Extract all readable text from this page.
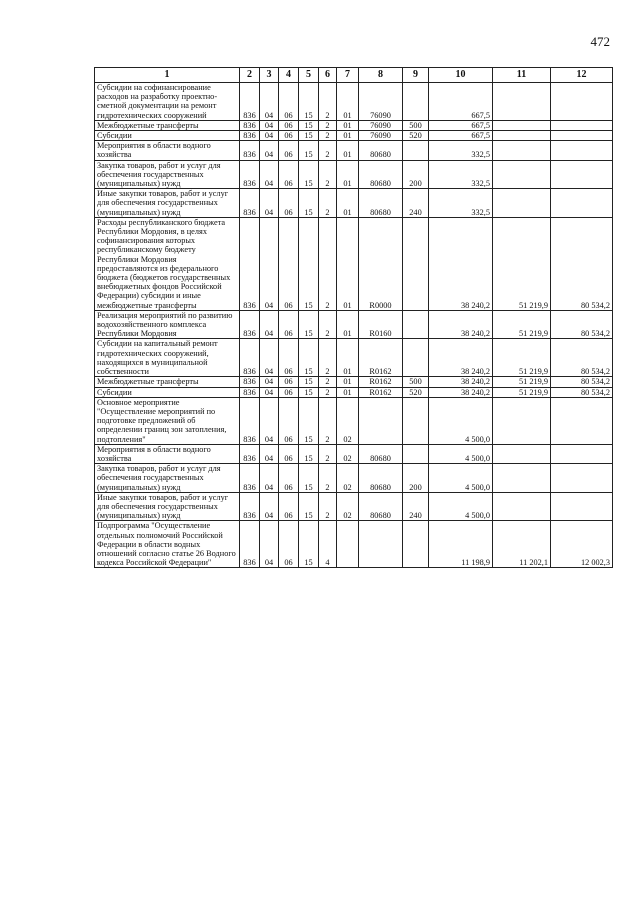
472
1	2	3	4	5	6	7	8	9	10	11	12
Субсидии на софинансирование расходов на разработку проектно-сметной документации на ремонт гидротехнических сооружений	836	04	06	15	2	01	76090		667,5		
Межбюджетные трансферты	836	04	06	15	2	01	76090	500	667,5		
Субсидии	836	04	06	15	2	01	76090	520	667,5		
Мероприятия в области водного хозяйства	836	04	06	15	2	01	80680		332,5		
Закупка товаров, работ и услуг для обеспечения государственных (муниципальных) нужд	836	04	06	15	2	01	80680	200	332,5		
Иные закупки товаров, работ и услуг для обеспечения государственных (муниципальных) нужд	836	04	06	15	2	01	80680	240	332,5		
Расходы республиканского бюджета Республики Мордовия, в целях софинансирования которых республиканскому бюджету Республики Мордовия предоставляются из федерального бюджета (бюджетов государственных внебюджетных фондов Российской Федерации) субсидии и иные межбюджетные трансферты	836	04	06	15	2	01	R0000		38 240,2	51 219,9	80 534,2
Реализация мероприятий по развитию водохозяйственного комплекса Республики Мордовия	836	04	06	15	2	01	R0160		38 240,2	51 219,9	80 534,2
Субсидии на капитальный ремонт гидротехнических сооружений, находящихся в муниципальной собственности	836	04	06	15	2	01	R0162		38 240,2	51 219,9	80 534,2
Межбюджетные трансферты	836	04	06	15	2	01	R0162	500	38 240,2	51 219,9	80 534,2
Субсидии	836	04	06	15	2	01	R0162	520	38 240,2	51 219,9	80 534,2
Основное мероприятие "Осуществление мероприятий по подготовке предложений об определении границ зон затопления, подтопления"	836	04	06	15	2	02			4 500,0		
Мероприятия в области водного хозяйства	836	04	06	15	2	02	80680		4 500,0		
Закупка товаров, работ и услуг для обеспечения государственных (муниципальных) нужд	836	04	06	15	2	02	80680	200	4 500,0		
Иные закупки товаров, работ и услуг для обеспечения государственных (муниципальных) нужд	836	04	06	15	2	02	80680	240	4 500,0		
Подпрограмма "Осуществление отдельных полномочий Российской Федерации в области водных отношений согласно статье 26 Водного кодекса Российской Федерации"	836	04	06	15	4				11 198,9	11 202,1	12 002,3
